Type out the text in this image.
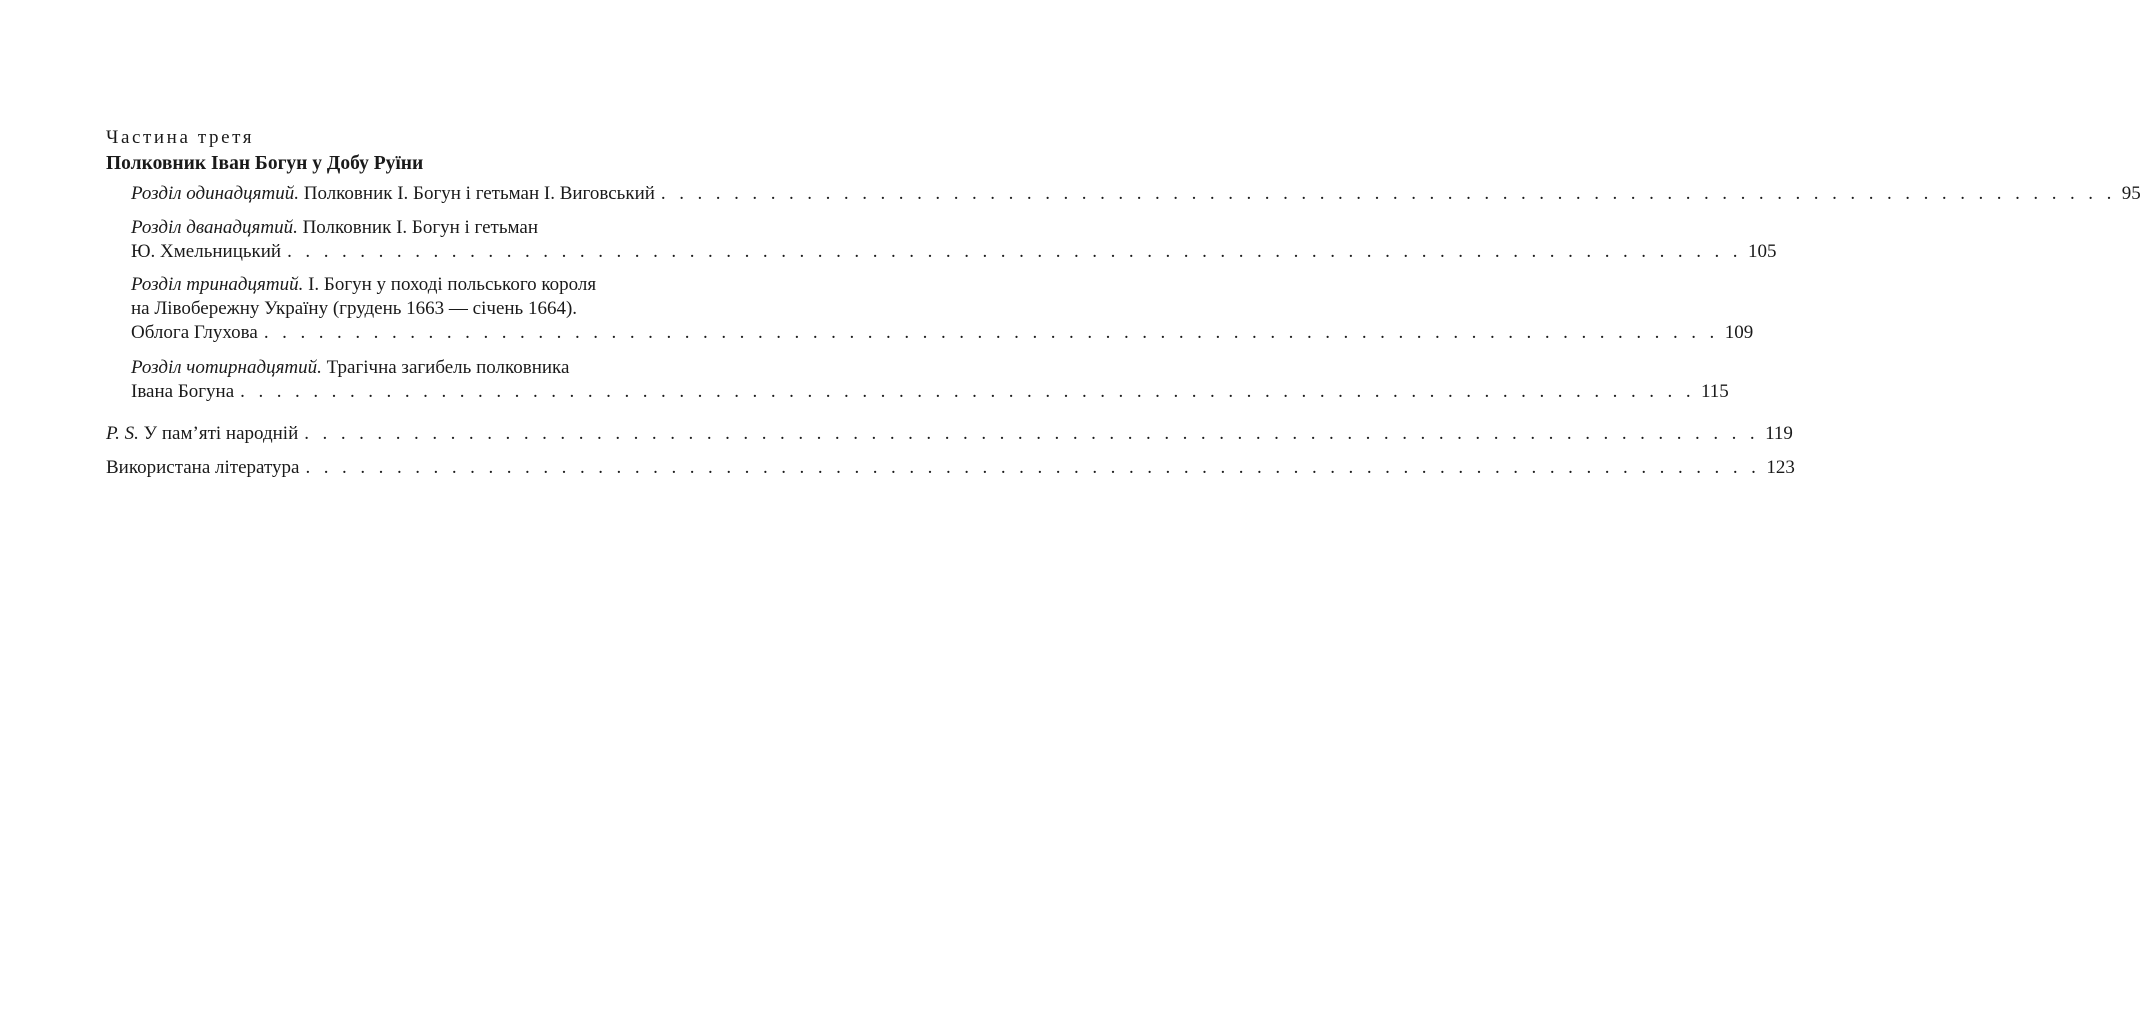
Частина третя
Полковник Іван Богун у Добу Руїни
Розділ одинадцятий.
Полковник І. Богун і гетьман І. Виговський . . . . . . . . . . . . . . . . . . . . . . . . . . . . . . . . . . . . . . . . . . . . . . . . . . . . . . . . . . . . . . . . . . . . . . . . . . . . . . . . 95
Розділ дванадцятий.
Полковник І. Богун і гетьман
Ю. Хмельницький . . . . . . . . . . . . . . . . . . . . . . . . . . . . . . . . . . . . . . . . . . . . . . . . . . . . . . . . . . . . . . . . . . . . . . . . . . . . . . . . 105
Розділ тринадцятий.
І. Богун у поході польського короля
на Лівобережну Україну (грудень 1663 — січень 1664).
Облога Глухова . . . . . . . . . . . . . . . . . . . . . . . . . . . . . . . . . . . . . . . . . . . . . . . . . . . . . . . . . . . . . . . . . . . . . . . . . . . . . . . . 109
Розділ чотирнадцятий.
Трагічна загибель полковника
Івана Богуна . . . . . . . . . . . . . . . . . . . . . . . . . . . . . . . . . . . . . . . . . . . . . . . . . . . . . . . . . . . . . . . . . . . . . . . . . . . . . . . . 115
P. S.
У пам’яті народній . . . . . . . . . . . . . . . . . . . . . . . . . . . . . . . . . . . . . . . . . . . . . . . . . . . . . . . . . . . . . . . . . . . . . . . . . . . . . . . . 119
Використана література . . . . . . . . . . . . . . . . . . . . . . . . . . . . . . . . . . . . . . . . . . . . . . . . . . . . . . . . . . . . . . . . . . . . . . . . . . . . . . . . 123
